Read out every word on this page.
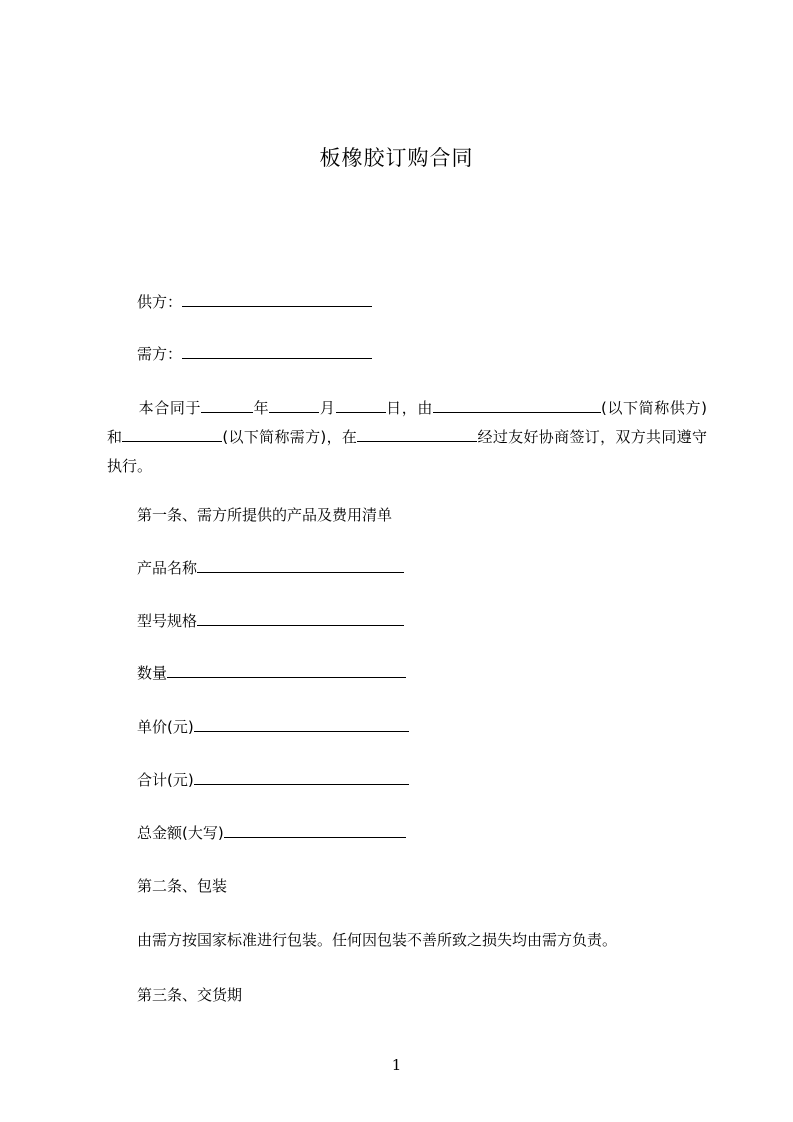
板橡胶订购合同
供方：
需方：
本合同于	年	月	日，由	(以下简称供方)和	(以下简称需方)，在	经过友好协商签订，双方共同遵守执行。
第一条、需方所提供的产品及费用清单
产品名称
型号规格
数量
单价(元)
合计(元)
总金额(大写)
第二条、包装
由需方按国家标准进行包装。任何因包装不善所致之损失均由需方负责。
第三条、交货期
1
